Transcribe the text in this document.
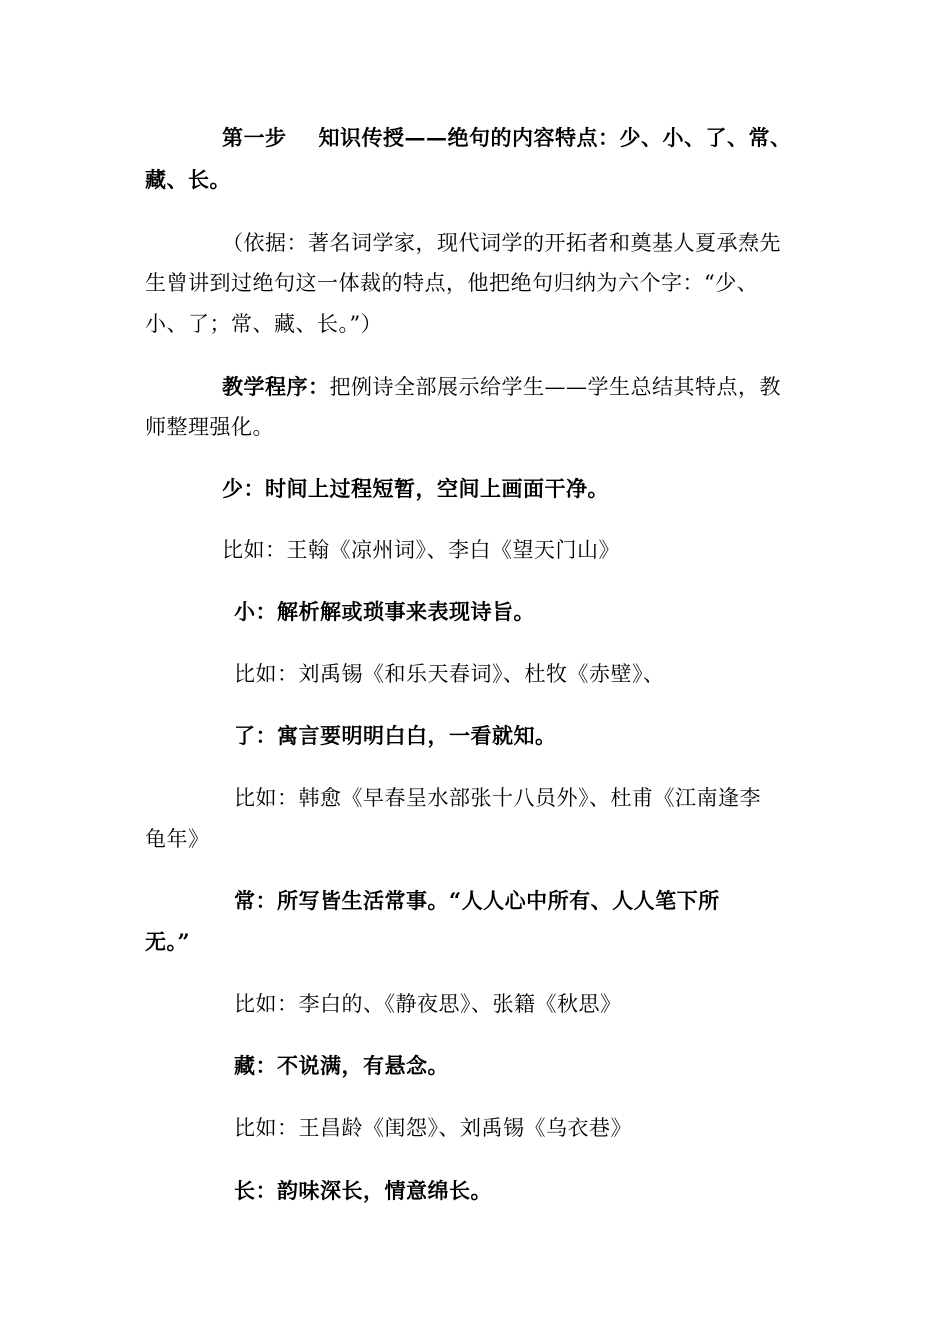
第一步 知识传授——绝句的内容特点：少、小、了、常、
藏、长。
（依据：著名词学家，现代词学的开拓者和奠基人夏承焘先
生曾讲到过绝句这一体裁的特点，他把绝句归纳为六个字：“少、
小、了；常、藏、长。”）
教学程序：把例诗全部展示给学生——学生总结其特点，教
师整理强化。
少：时间上过程短暂，空间上画面干净。
比如：王翰《凉州词》、李白《望天门山》
小：解析解或琐事来表现诗旨。
比如：刘禹锡《和乐天春词》、杜牧《赤壁》、
了：寓言要明明白白，一看就知。
比如：韩愈《早春呈水部张十八员外》、杜甫《江南逢李
龟年》
常：所写皆生活常事。“人人心中所有、人人笔下所
无。”
比如：李白的、《静夜思》、张籍《秋思》
藏：不说满，有悬念。
比如：王昌龄《闺怨》、刘禹锡《乌衣巷》
长：韵味深长，情意绵长。
